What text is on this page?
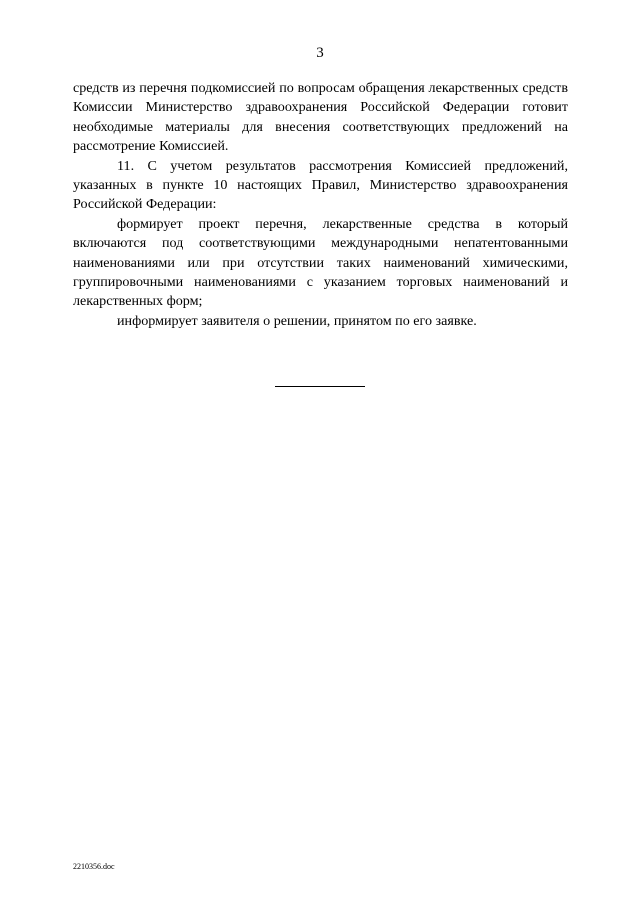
3

средств из перечня подкомиссией по вопросам обращения лекарственных средств Комиссии Министерство здравоохранения Российской Федерации готовит необходимые материалы для внесения соответствующих предложений на рассмотрение Комиссией.

11. С учетом результатов рассмотрения Комиссией предложений, указанных в пункте 10 настоящих Правил, Министерство здравоохранения Российской Федерации:

формирует проект перечня, лекарственные средства в который включаются под соответствующими международными непатентованными наименованиями или при отсутствии таких наименований химическими, группировочными наименованиями с указанием торговых наименований и лекарственных форм;

информирует заявителя о решении, принятом по его заявке.

2210356.doc
